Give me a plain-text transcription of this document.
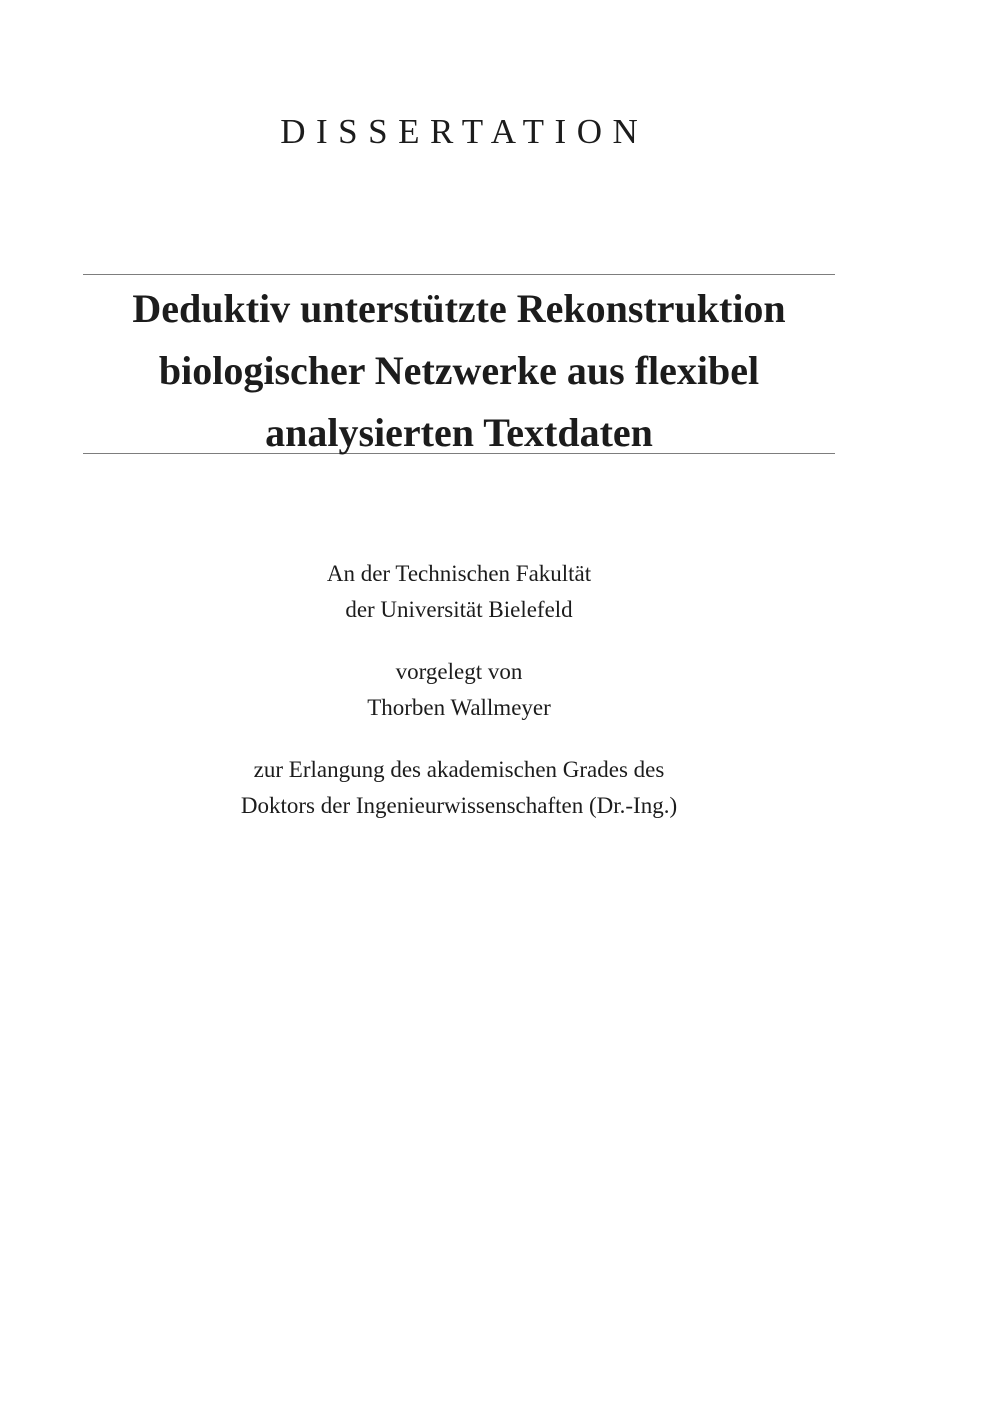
DISSERTATION
Deduktiv unterstützte Rekonstruktion
biologischer Netzwerke aus flexibel
analysierten Textdaten
An der Technischen Fakultät
der Universität Bielefeld
vorgelegt von
Thorben Wallmeyer
zur Erlangung des akademischen Grades des
Doktors der Ingenieurwissenschaften (Dr.-Ing.)
